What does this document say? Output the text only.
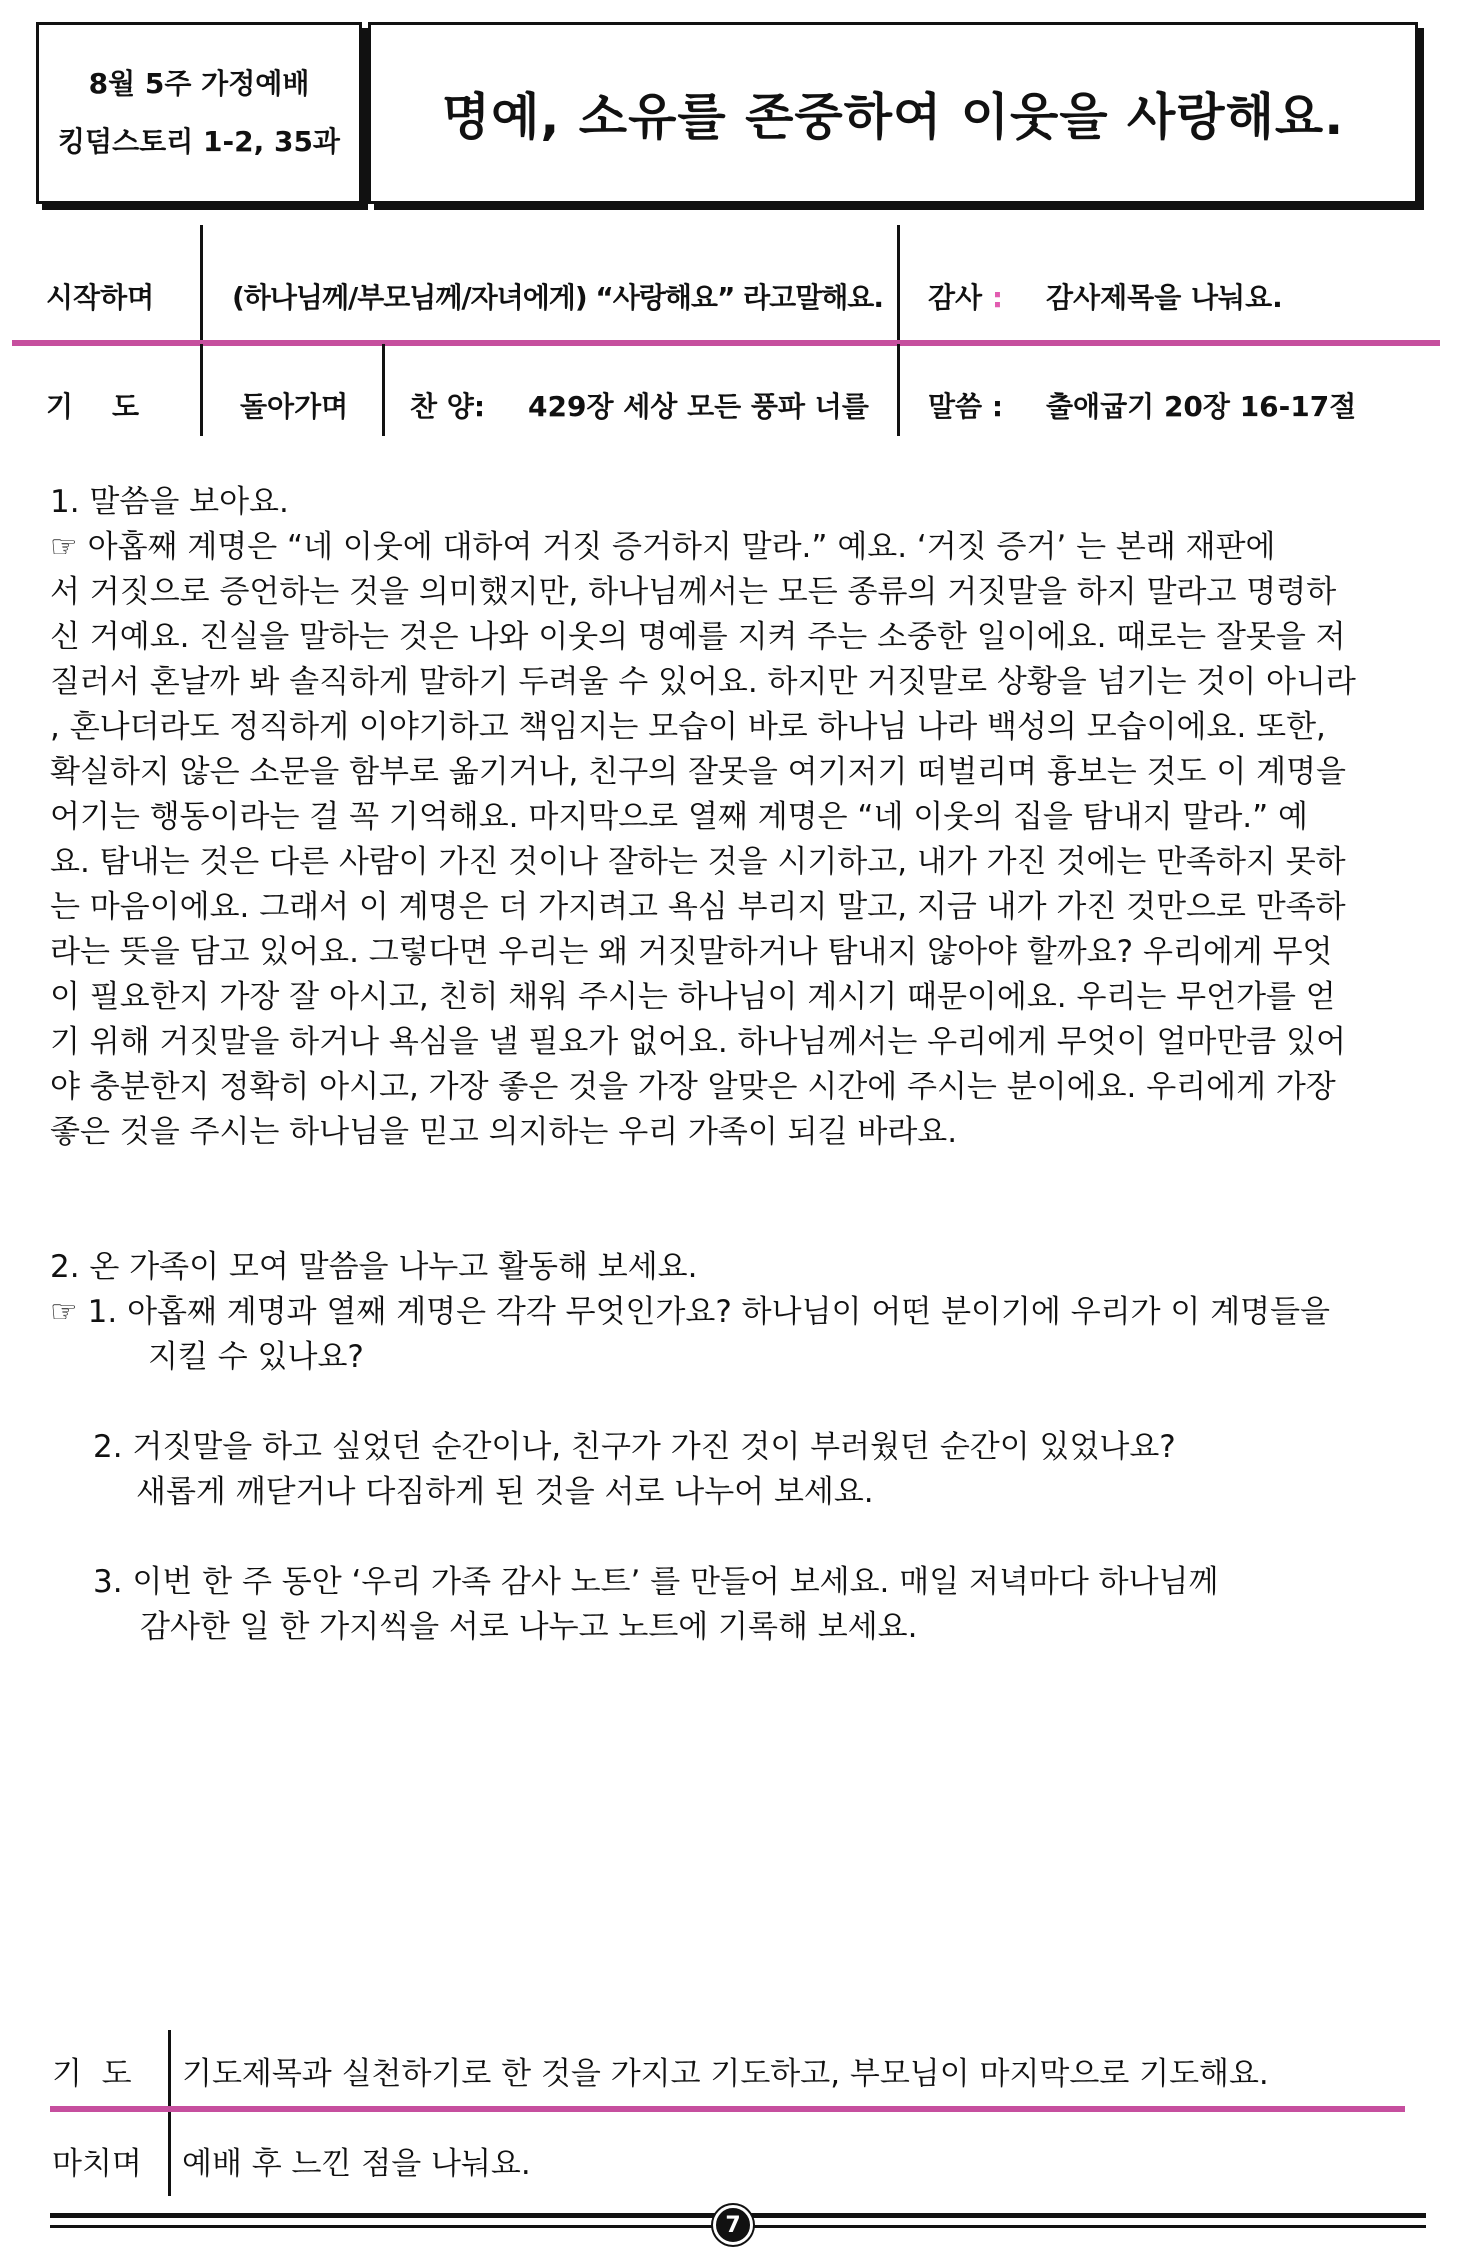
8월 5주 가정예배
킹덤스토리 1-2, 35과 명예, 소유를 존중하여 이웃을 사랑해요.
시작하며	(하나님께/부모님께/자녀에게) “사랑해요” 라고말해요. 감사 : 감사제목을 나눠요.
기    도	돌아가며 찬 양: 429장 세상 모든 풍파 너를 말씀 : 출애굽기 20장 16-17절

1. 말씀을 보아요.

☞ 아홉째 계명은 “네 이웃에 대하여 거짓 증거하지 말라.” 예요. ‘거짓 증거’ 는 본래 재판에

서 거짓으로 증언하는 것을 의미했지만, 하나님께서는 모든 종류의 거짓말을 하지 말라고 명령하

신 거예요. 진실을 말하는 것은 나와 이웃의 명예를 지켜 주는 소중한 일이에요. 때로는 잘못을 저

질러서 혼날까 봐 솔직하게 말하기 두려울 수 있어요. 하지만 거짓말로 상황을 넘기는 것이 아니라

, 혼나더라도 정직하게 이야기하고 책임지는 모습이 바로 하나님 나라 백성의 모습이에요. 또한,

확실하지 않은 소문을 함부로 옮기거나, 친구의 잘못을 여기저기 떠벌리며 흉보는 것도 이 계명을

어기는 행동이라는 걸 꼭 기억해요. 마지막으로 열째 계명은 “네 이웃의 집을 탐내지 말라.” 예

요. 탐내는 것은 다른 사람이 가진 것이나 잘하는 것을 시기하고, 내가 가진 것에는 만족하지 못하

는 마음이에요. 그래서 이 계명은 더 가지려고 욕심 부리지 말고, 지금 내가 가진 것만으로 만족하

라는 뜻을 담고 있어요. 그렇다면 우리는 왜 거짓말하거나 탐내지 않아야 할까요? 우리에게 무엇

이 필요한지 가장 잘 아시고, 친히 채워 주시는 하나님이 계시기 때문이에요. 우리는 무언가를 얻

기 위해 거짓말을 하거나 욕심을 낼 필요가 없어요. 하나님께서는 우리에게 무엇이 얼마만큼 있어

야 충분한지 정확히 아시고, 가장 좋은 것을 가장 알맞은 시간에 주시는 분이에요. 우리에게 가장

좋은 것을 주시는 하나님을 믿고 의지하는 우리 가족이 되길 바라요.

2. 온 가족이 모여 말씀을 나누고 활동해 보세요.

☞ 1. 아홉째 계명과 열째 계명은 각각 무엇인가요? 하나님이 어떤 분이기에 우리가 이 계명들을

지킬 수 있나요?

2. 거짓말을 하고 싶었던 순간이나, 친구가 가진 것이 부러웠던 순간이 있었나요?

새롭게 깨닫거나 다짐하게 된 것을 서로 나누어 보세요.

3. 이번 한 주 동안 ‘우리 가족 감사 노트’ 를 만들어 보세요. 매일 저녁마다 하나님께

감사한 일 한 가지씩을 서로 나누고 노트에 기록해 보세요.

기  도 기도제목과 실천하기로 한 것을 가지고 기도하고, 부모님이 마지막으로 기도해요.
마치며 예배 후 느낀 점을 나눠요.
7
